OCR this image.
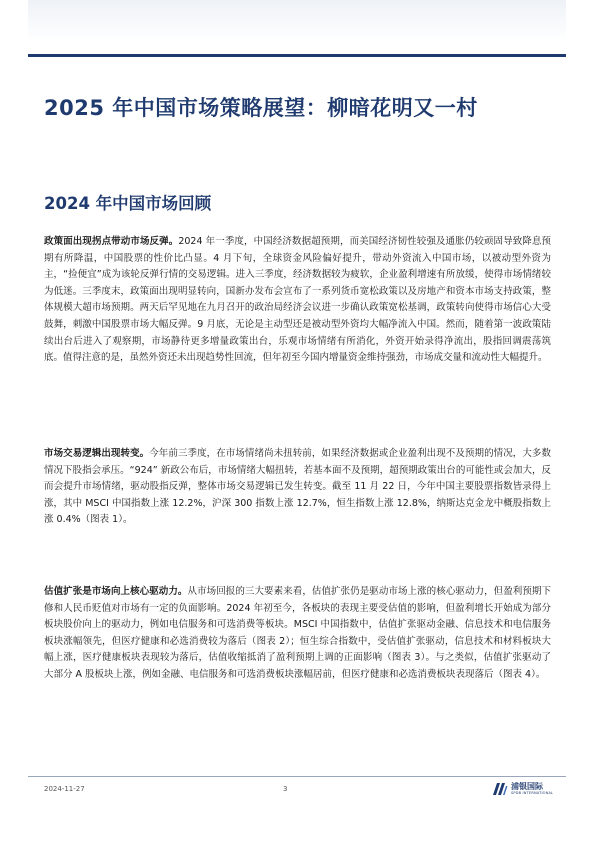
2025 年中国市场策略展望：柳暗花明又一村
2024 年中国市场回顾

政策面出现拐点带动市场反弹。2024 年一季度，中国经济数据超预期，而美国经济韧性较强及通胀仍较顽固导致降息预期有所降温，中国股票的性价比凸显。4 月下旬，全球资金风险偏好提升，带动外资流入中国市场，以被动型外资为主，“捡便宜”成为该轮反弹行情的交易逻辑。进入三季度，经济数据较为疲软，企业盈利增速有所放缓，使得市场情绪较为低迷。三季度末，政策面出现明显转向，国新办发布会宣布了一系列货币宽松政策以及房地产和资本市场支持政策，整体规模大超市场预期。两天后罕见地在九月召开的政治局经济会议进一步确认政策宽松基调，政策转向使得市场信心大受鼓舞，刺激中国股票市场大幅反弹。9 月底，无论是主动型还是被动型外资均大幅净流入中国。然而，随着第一波政策陆续出台后进入了观察期，市场静待更多增量政策出台，乐观市场情绪有所消化，外资开始录得净流出，股指回调震荡筑底。值得注意的是，虽然外资还未出现趋势性回流，但年初至今国内增量资金维持强劲，市场成交量和流动性大幅提升。

市场交易逻辑出现转变。今年前三季度，在市场情绪尚未扭转前，如果经济数据或企业盈利出现不及预期的情况，大多数情况下股指会承压。“924” 新政公布后，市场情绪大幅扭转，若基本面不及预期，超预期政策出台的可能性或会加大，反而会提升市场情绪，驱动股指反弹，整体市场交易逻辑已发生转变。截至 11 月 22 日，今年中国主要股票指数皆录得上涨，其中 MSCI 中国指数上涨 12.2%，沪深 300 指数上涨 12.7%，恒生指数上涨 12.8%，纳斯达克金龙中概股指数上涨 0.4%（图表 1）。

估值扩张是市场向上核心驱动力。从市场回报的三大要素来看，估值扩张仍是驱动市场上涨的核心驱动力，但盈利预期下修和人民币贬值对市场有一定的负面影响。2024 年初至今，各板块的表现主要受估值的影响，但盈利增长开始成为部分板块股价向上的驱动力，例如电信服务和可选消费等板块。MSCI 中国指数中，估值扩张驱动金融、信息技术和电信服务板块涨幅领先，但医疗健康和必选消费较为落后（图表 2）；恒生综合指数中，受估值扩张驱动，信息技术和材料板块大幅上涨，医疗健康板块表现较为落后，估值收缩抵消了盈利预期上调的正面影响（图表 3）。与之类似，估值扩张驱动了大部分 A 股板块上涨，例如金融、电信服务和可选消费板块涨幅居前，但医疗健康和必选消费板块表现落后（图表 4）。

2024-11-27	3	浦银国际
SPDB INTERNATIONAL
